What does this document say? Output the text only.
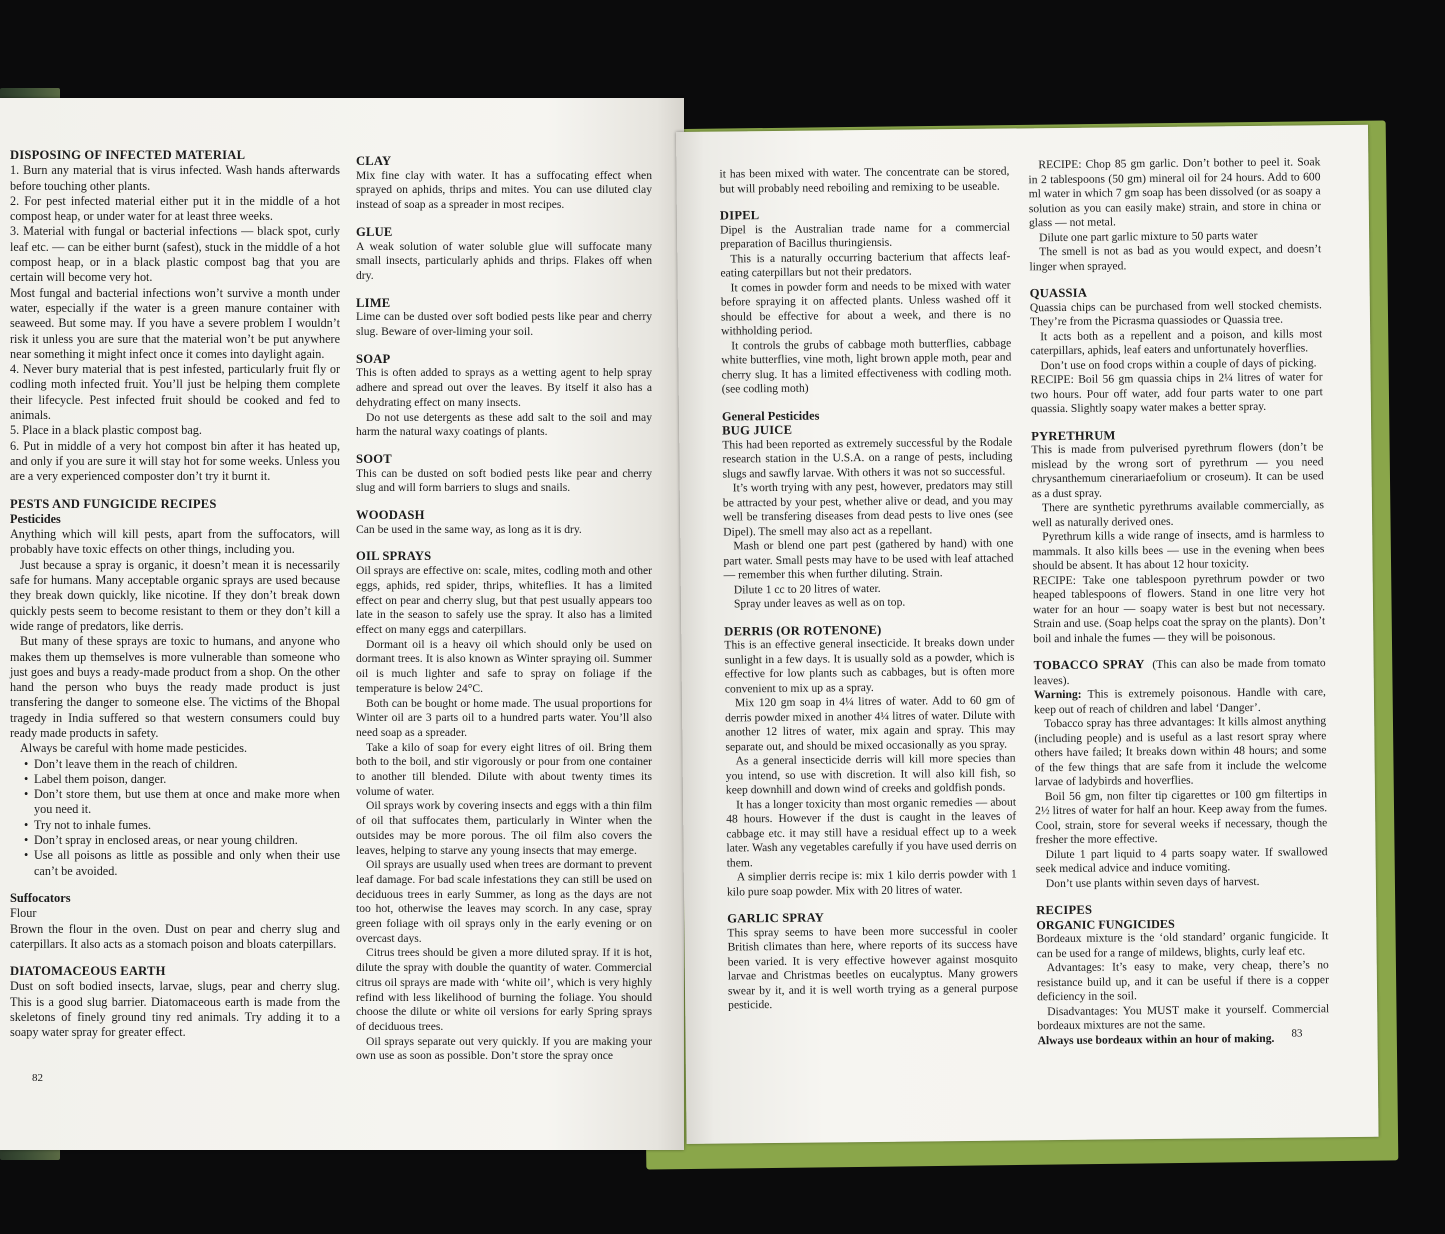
DISPOSING OF INFECTED MATERIAL

1. Burn any material that is virus infected. Wash hands afterwards before touching other plants.

2. For pest infected material either put it in the middle of a hot compost heap, or under water for at least three weeks.

3. Material with fungal or bacterial infections — black spot, curly leaf etc. — can be either burnt (safest), stuck in the middle of a hot compost heap, or in a black plastic compost bag that you are certain will become very hot.

Most fungal and bacterial infections won’t survive a month under water, especially if the water is a green manure container with seaweed. But some may. If you have a severe problem I wouldn’t risk it unless you are sure that the material won’t be put anywhere near something it might infect once it comes into daylight again.

4. Never bury material that is pest infested, particularly fruit fly or codling moth infected fruit. You’ll just be helping them complete their lifecycle. Pest infected fruit should be cooked and fed to animals.

5. Place in a black plastic compost bag.

6. Put in middle of a very hot compost bin after it has heated up, and only if you are sure it will stay hot for some weeks. Unless you are a very experienced composter don’t try it burnt it.

PESTS AND FUNGICIDE RECIPES
Pesticides

Anything which will kill pests, apart from the suffocators, will probably have toxic effects on other things, including you.

Just because a spray is organic, it doesn’t mean it is necessarily safe for humans. Many acceptable organic sprays are used because they break down quickly, like nicotine. If they don’t break down quickly pests seem to become resistant to them or they don’t kill a wide range of predators, like derris.

But many of these sprays are toxic to humans, and anyone who makes them up themselves is more vulnerable than someone who just goes and buys a ready-made product from a shop. On the other hand the person who buys the ready made product is just transfering the danger to someone else. The victims of the Bhopal tragedy in India suffered so that western consumers could buy ready made products in safety.

Always be careful with home made pesticides.

• Don’t leave them in the reach of children.
• Label them poison, danger.
• Don’t store them, but use them at once and make more when you need it.
• Try not to inhale fumes.
• Don’t spray in enclosed areas, or near young children.
• Use all poisons as little as possible and only when their use can’t be avoided.
Suffocators
Flour

Brown the flour in the oven. Dust on pear and cherry slug and caterpillars. It also acts as a stomach poison and bloats caterpillars.

DIATOMACEOUS EARTH

Dust on soft bodied insects, larvae, slugs, pear and cherry slug. This is a good slug barrier. Diatomaceous earth is made from the skeletons of finely ground tiny red animals. Try adding it to a soapy water spray for greater effect.

CLAY

Mix fine clay with water. It has a suffocating effect when sprayed on aphids, thrips and mites. You can use diluted clay instead of soap as a spreader in most recipes.

GLUE

A weak solution of water soluble glue will suffocate many small insects, particularly aphids and thrips. Flakes off when dry.

LIME

Lime can be dusted over soft bodied pests like pear and cherry slug. Beware of over-liming your soil.

SOAP

This is often added to sprays as a wetting agent to help spray adhere and spread out over the leaves. By itself it also has a dehydrating effect on many insects.

Do not use detergents as these add salt to the soil and may harm the natural waxy coatings of plants.

SOOT

This can be dusted on soft bodied pests like pear and cherry slug and will form barriers to slugs and snails.

WOODASH

Can be used in the same way, as long as it is dry.

OIL SPRAYS

Oil sprays are effective on: scale, mites, codling moth and other eggs, aphids, red spider, thrips, whiteflies. It has a limited effect on pear and cherry slug, but that pest usually appears too late in the season to safely use the spray. It also has a limited effect on many eggs and caterpillars.

Dormant oil is a heavy oil which should only be used on dormant trees. It is also known as Winter spraying oil. Summer oil is much lighter and safe to spray on foliage if the temperature is below 24°C.

Both can be bought or home made. The usual proportions for Winter oil are 3 parts oil to a hundred parts water. You’ll also need soap as a spreader.

Take a kilo of soap for every eight litres of oil. Bring them both to the boil, and stir vigorously or pour from one container to another till blended. Dilute with about twenty times its volume of water.

Oil sprays work by covering insects and eggs with a thin film of oil that suffocates them, particularly in Winter when the outsides may be more porous. The oil film also covers the leaves, helping to starve any young insects that may emerge.

Oil sprays are usually used when trees are dormant to prevent leaf damage. For bad scale infestations they can still be used on deciduous trees in early Summer, as long as the days are not too hot, otherwise the leaves may scorch. In any case, spray green foliage with oil sprays only in the early evening or on overcast days.

Citrus trees should be given a more diluted spray. If it is hot, dilute the spray with double the quantity of water. Commercial citrus oil sprays are made with ‘white oil’, which is very highly refind with less likelihood of burning the foliage. You should choose the dilute or white oil versions for early Spring sprays of deciduous trees.

Oil sprays separate out very quickly. If you are making your own use as soon as possible. Don’t store the spray once

82

it has been mixed with water. The concentrate can be stored, but will probably need reboiling and remixing to be useable.

DIPEL

Dipel is the Australian trade name for a commercial preparation of Bacillus thuringiensis.

This is a naturally occurring bacterium that affects leaf-eating caterpillars but not their predators.

It comes in powder form and needs to be mixed with water before spraying it on affected plants. Unless washed off it should be effective for about a week, and there is no withholding period.

It controls the grubs of cabbage moth butterflies, cabbage white butterflies, vine moth, light brown apple moth, pear and cherry slug. It has a limited effectiveness with codling moth. (see codling moth)

General Pesticides
BUG JUICE

This had been reported as extremely successful by the Rodale research station in the U.S.A. on a range of pests, including slugs and sawfly larvae. With others it was not so successful.

It’s worth trying with any pest, however, predators may still be attracted by your pest, whether alive or dead, and you may well be transfering diseases from dead pests to live ones (see Dipel). The smell may also act as a repellant.

Mash or blend one part pest (gathered by hand) with one part water. Small pests may have to be used with leaf attached — remember this when further diluting. Strain.

Dilute 1 cc to 20 litres of water.

Spray under leaves as well as on top.

DERRIS (OR ROTENONE)

This is an effective general insecticide. It breaks down under sunlight in a few days. It is usually sold as a powder, which is effective for low plants such as cabbages, but is often more convenient to mix up as a spray.

Mix 120 gm soap in 4¼ litres of water. Add to 60 gm of derris powder mixed in another 4¼ litres of water. Dilute with another 12 litres of water, mix again and spray. This may separate out, and should be mixed occasionally as you spray.

As a general insecticide derris will kill more species than you intend, so use with discretion. It will also kill fish, so keep downhill and down wind of creeks and goldfish ponds.

It has a longer toxicity than most organic remedies — about 48 hours. However if the dust is caught in the leaves of cabbage etc. it may still have a residual effect up to a week later. Wash any vegetables carefully if you have used derris on them.

A simplier derris recipe is: mix 1 kilo derris powder with 1 kilo pure soap powder. Mix with 20 litres of water.

GARLIC SPRAY

This spray seems to have been more successful in cooler British climates than here, where reports of its success have been varied. It is very effective however against mosquito larvae and Christmas beetles on eucalyptus. Many growers swear by it, and it is well worth trying as a general purpose pesticide.

RECIPE: Chop 85 gm garlic. Don’t bother to peel it. Soak in 2 tablespoons (50 gm) mineral oil for 24 hours. Add to 600 ml water in which 7 gm soap has been dissolved (or as soapy a solution as you can easily make) strain, and store in china or glass — not metal.

Dilute one part garlic mixture to 50 parts water

The smell is not as bad as you would expect, and doesn’t linger when sprayed.

QUASSIA

Quassia chips can be purchased from well stocked chemists. They’re from the Picrasma quassiodes or Quassia tree.

It acts both as a repellent and a poison, and kills most caterpillars, aphids, leaf eaters and unfortunately hoverflies.

Don’t use on food crops within a couple of days of picking.

RECIPE: Boil 56 gm quassia chips in 2¼ litres of water for two hours. Pour off water, add four parts water to one part quassia. Slightly soapy water makes a better spray.

PYRETHRUM

This is made from pulverised pyrethrum flowers (don’t be mislead by the wrong sort of pyrethrum — you need chrysanthemum cinerariaefolium or croseum). It can be used as a dust spray.

There are synthetic pyrethrums available commercially, as well as naturally derived ones.

Pyrethrum kills a wide range of insects, amd is harmless to mammals. It also kills bees — use in the evening when bees should be absent. It has about 12 hour toxicity.

RECIPE: Take one tablespoon pyrethrum powder or two heaped tablespoons of flowers. Stand in one litre very hot water for an hour — soapy water is best but not necessary. Strain and use. (Soap helps coat the spray on the plants). Don’t boil and inhale the fumes — they will be poisonous.

TOBACCO SPRAY (This can also be made from tomato leaves).

Warning: This is extremely poisonous. Handle with care, keep out of reach of children and label ‘Danger’.

Tobacco spray has three advantages: It kills almost anything (including people) and is useful as a last resort spray where others have failed; It breaks down within 48 hours; and some of the few things that are safe from it include the welcome larvae of ladybirds and hoverflies.

Boil 56 gm, non filter tip cigarettes or 100 gm filtertips in 2½ litres of water for half an hour. Keep away from the fumes. Cool, strain, store for several weeks if necessary, though the fresher the more effective.

Dilute 1 part liquid to 4 parts soapy water. If swallowed seek medical advice and induce vomiting.

Don’t use plants within seven days of harvest.

RECIPES
ORGANIC FUNGICIDES

Bordeaux mixture is the ‘old standard’ organic fungicide. It can be used for a range of mildews, blights, curly leaf etc.

Advantages: It’s easy to make, very cheap, there’s no resistance build up, and it can be useful if there is a copper deficiency in the soil.

Disadvantages: You MUST make it yourself. Commercial bordeaux mixtures are not the same.

Always use bordeaux within an hour of making.	83
